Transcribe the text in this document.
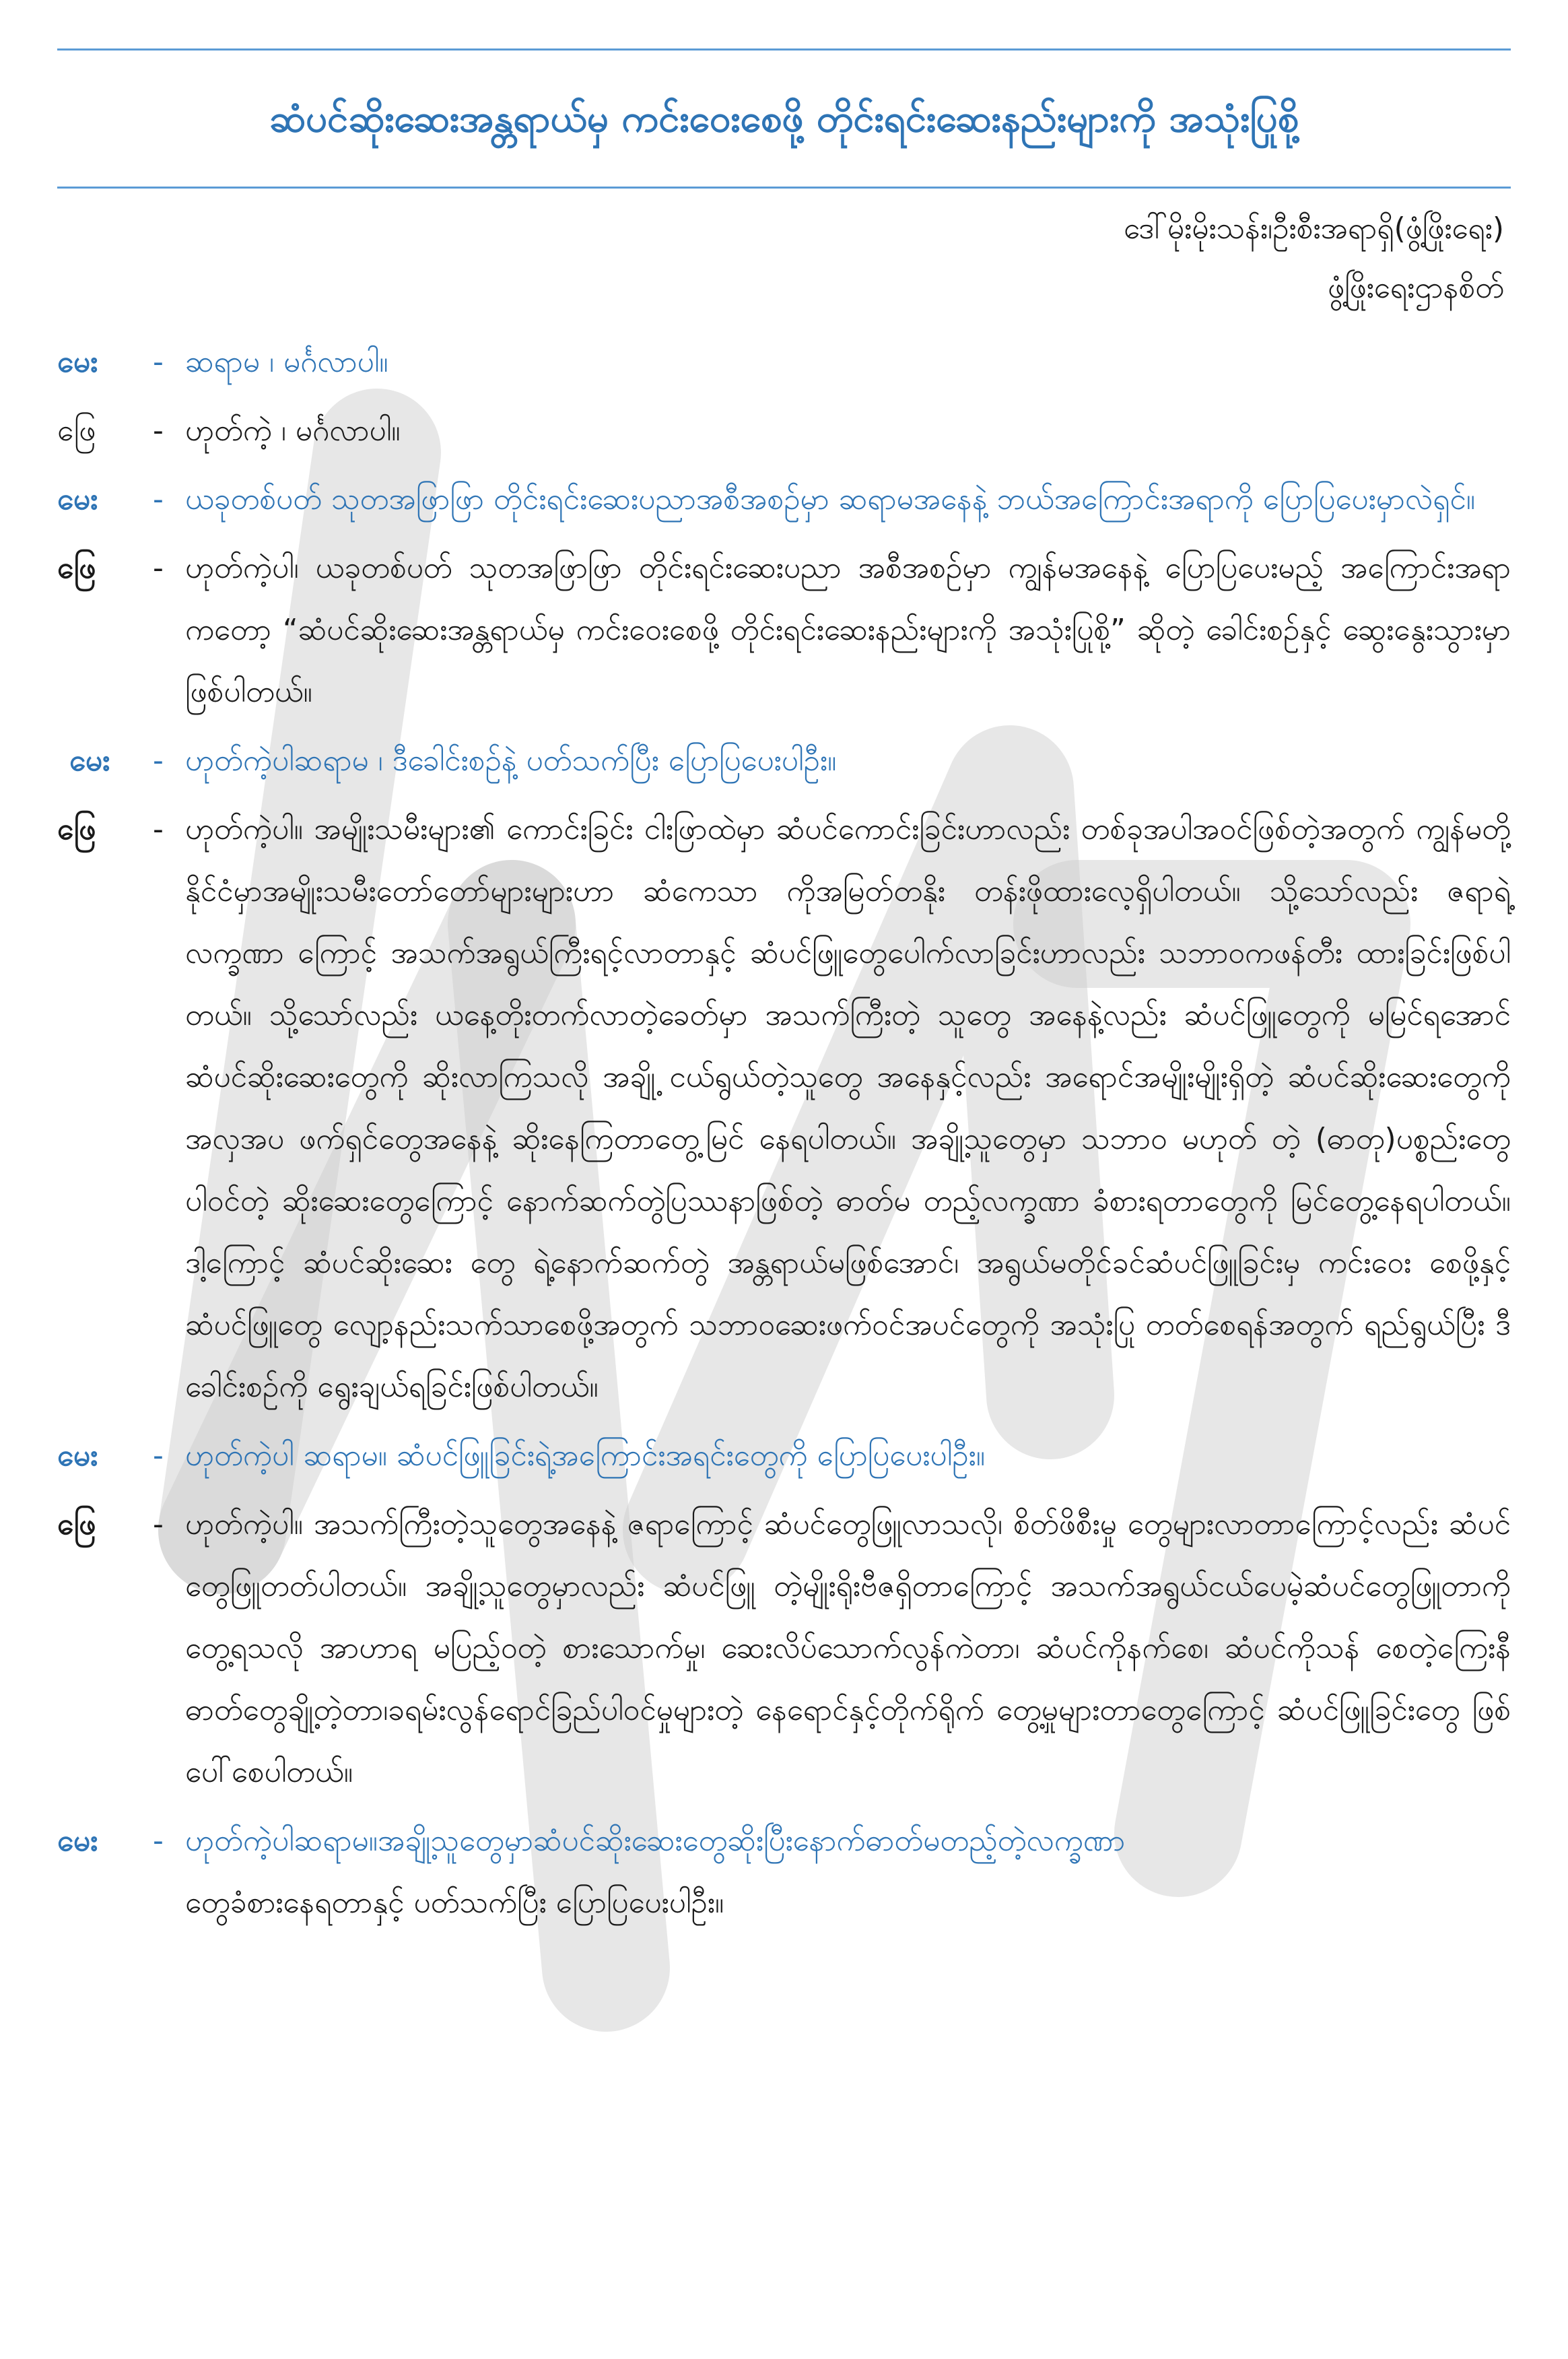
ဆံပင်ဆိုးဆေးအန္တရာယ်မှ ကင်းဝေးစေဖို့ တိုင်းရင်းဆေးနည်းများကို အသုံးပြုစို့
ဒေါ်မိုးမိုးသန်း၊ဦးစီးအရာရှိ(ဖွံ့ဖြိုးရေး)
ဖွံ့ဖြိုးရေးဌာနစိတ်
မေး	- ဆရာမ ၊ မင်္ဂလာပါ။
ဖြေ	- ဟုတ်ကဲ့ ၊ မင်္ဂလာပါ။
မေး	- ယခုတစ်ပတ် သုတအဖြာဖြာ တိုင်းရင်းဆေးပညာအစီအစဉ်မှာ ဆရာမအနေနဲ့ ဘယ်အကြောင်းအရာကို ပြောပြပေးမှာလဲရှင်။
ဖြေ	- ဟုတ်ကဲ့ပါ၊ ယခုတစ်ပတ် သုတအဖြာဖြာ တိုင်းရင်းဆေးပညာ အစီအစဉ်မှာ ကျွန်မအနေနဲ့ ပြောပြပေးမည့် အကြောင်းအရာကတော့ “ဆံပင်ဆိုးဆေးအန္တရာယ်မှ ကင်းဝေးစေဖို့ တိုင်းရင်းဆေးနည်းများကို အသုံးပြုစို့” ဆိုတဲ့ ခေါင်းစဉ်နှင့် ဆွေးနွေးသွားမှာဖြစ်ပါတယ်။
မေး	- ဟုတ်ကဲ့ပါဆရာမ ၊ ဒီခေါင်းစဉ်နဲ့ ပတ်သက်ပြီး ပြောပြပေးပါဦး။
ဖြေ	- ဟုတ်ကဲ့ပါ။ အမျိုးသမီးများ၏ ကောင်းခြင်း ငါးဖြာထဲမှာ ဆံပင်ကောင်းခြင်းဟာလည်း တစ်ခုအပါအဝင်ဖြစ်တဲ့အတွက် ကျွန်မတို့နိုင်ငံမှာအမျိုးသမီးတော်တော်များများဟာ ဆံကေသာ ကိုအမြတ်တနိုး တန်းဖိုထားလေ့ရှိပါတယ်။ သို့သော်လည်း ဇရာရဲ့လက္ခဏာ ကြောင့် အသက်အရွယ်ကြီးရင့်လာတာနှင့် ဆံပင်ဖြူတွေပေါက်လာခြင်းဟာလည်း သဘာဝကဖန်တီး ထားခြင်းဖြစ်ပါတယ်။ သို့သော်လည်း ယနေ့တိုးတက်လာတဲ့ခေတ်မှာ အသက်ကြီးတဲ့ သူတွေ အနေနဲ့လည်း ဆံပင်ဖြူတွေကို မမြင်ရအောင် ဆံပင်ဆိုးဆေးတွေကို ဆိုးလာကြသလို အချို့ ငယ်ရွယ်တဲ့သူတွေ အနေနှင့်လည်း အရောင်အမျိုးမျိုးရှိတဲ့ ဆံပင်ဆိုးဆေးတွေကို အလှအပ ဖက်ရှင်တွေအနေနဲ့ ဆိုးနေကြတာတွေ့မြင် နေရပါတယ်။ အချို့သူတွေမှာ သဘာဝ မဟုတ် တဲ့ (ဓာတု)ပစ္စည်းတွေပါဝင်တဲ့ ဆိုးဆေးတွေကြောင့် နောက်ဆက်တွဲပြဿနာဖြစ်တဲ့ ဓာတ်မ တည့်လက္ခဏာ ခံစားရတာတွေကို မြင်တွေ့နေရပါတယ်။ ဒါ့ကြောင့် ဆံပင်ဆိုးဆေး တွေ ရဲ့နောက်ဆက်တွဲ အန္တရာယ်မဖြစ်အောင်၊ အရွယ်မတိုင်ခင်ဆံပင်ဖြူခြင်းမှ ကင်းဝေး စေဖို့နှင့် ဆံပင်ဖြူတွေ လျော့နည်းသက်သာစေဖို့အတွက် သဘာဝဆေးဖက်ဝင်အပင်တွေကို အသုံးပြု တတ်စေရန်အတွက် ရည်ရွယ်ပြီး ဒီခေါင်းစဉ်ကို ရွေးချယ်ရခြင်းဖြစ်ပါတယ်။
မေး	- ဟုတ်ကဲ့ပါ ဆရာမ။ ဆံပင်ဖြူခြင်းရဲ့အကြောင်းအရင်းတွေကို ပြောပြပေးပါဦး။
ဖြေ	- ဟုတ်ကဲ့ပါ။ အသက်ကြီးတဲ့သူတွေအနေနဲ့ ဇရာကြောင့် ဆံပင်တွေဖြူလာသလို၊ စိတ်ဖိစီးမှု တွေများလာတာကြောင့်လည်း ဆံပင်တွေဖြူတတ်ပါတယ်။ အချို့သူတွေမှာလည်း ဆံပင်ဖြူ တဲ့မျိုးရိုးဗီဇရှိတာကြောင့် အသက်အရွယ်ငယ်ပေမဲ့ဆံပင်တွေဖြူတာကို တွေ့ရသလို အာဟာရ မပြည့်ဝတဲ့ စားသောက်မှု၊ ဆေးလိပ်သောက်လွန်ကဲတာ၊ ဆံပင်ကိုနက်စေ၊ ဆံပင်ကိုသန် စေတဲ့ကြေးနီဓာတ်တွေချို့တဲ့တာ၊ခရမ်းလွန်ရောင်ခြည်ပါဝင်မှုများတဲ့ နေရောင်နှင့်တိုက်ရိုက် တွေ့မှုများတာတွေကြောင့် ဆံပင်ဖြူခြင်းတွေ ဖြစ်ပေါ်စေပါတယ်။
မေး	- ဟုတ်ကဲ့ပါဆရာမ။အချို့သူတွေမှာဆံပင်ဆိုးဆေးတွေဆိုးပြီးနောက်ဓာတ်မတည့်တဲ့လက္ခဏာ
တွေခံစားနေရတာနှင့် ပတ်သက်ပြီး ပြောပြပေးပါဦး။
